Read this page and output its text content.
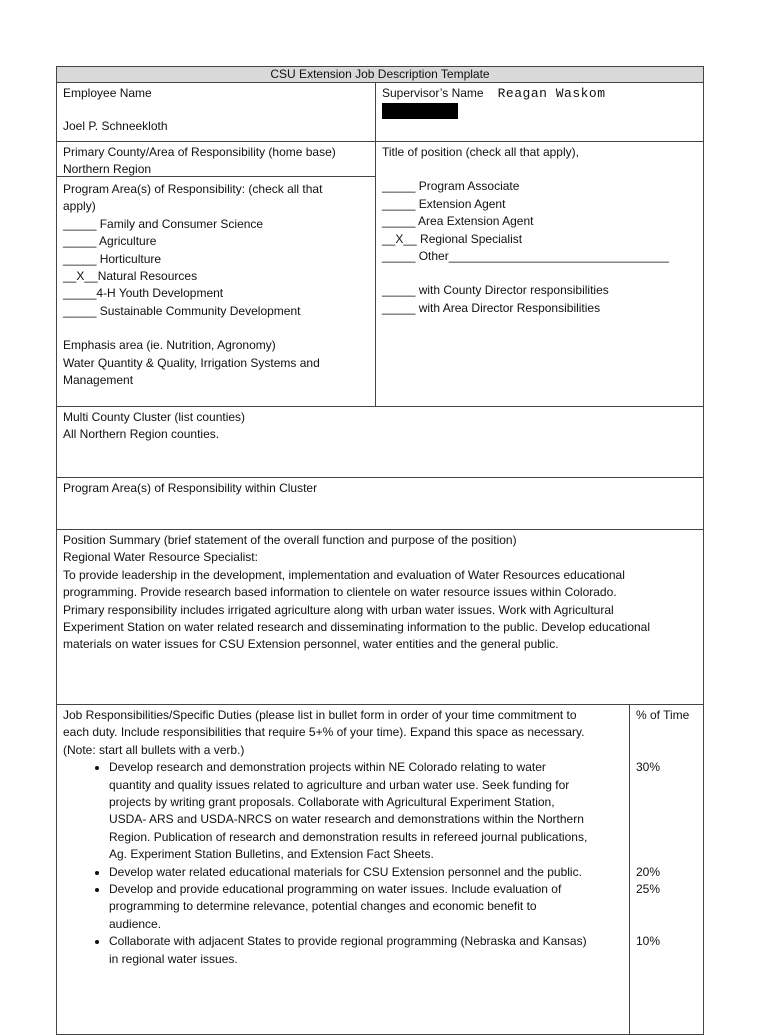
CSU Extension Job Description Template
Employee Name
Joel P. Schneekloth
Supervisor’s Name Reagan Waskom
Primary County/Area of Responsibility (home base)
Northern Region
Title of position (check all that apply),
_____ Program Associate
_____ Extension Agent
_____ Area Extension Agent
__X__ Regional Specialist
_____ Other_________________________________
_____ with County Director responsibilities
_____ with Area Director Responsibilities
Program Area(s) of Responsibility: (check all that
apply)
_____ Family and Consumer Science
_____ Agriculture
_____ Horticulture
__X__Natural Resources
_____4-H Youth Development
_____ Sustainable Community Development
Emphasis area (ie. Nutrition, Agronomy)
Water Quantity & Quality, Irrigation Systems and
Management
Multi County Cluster (list counties)
All Northern Region counties.
Program Area(s) of Responsibility within Cluster
Position Summary (brief statement of the overall function and purpose of the position)
Regional Water Resource Specialist:
To provide leadership in the development, implementation and evaluation of Water Resources educational
programming. Provide research based information to clientele on water resource issues within Colorado.
Primary responsibility includes irrigated agriculture along with urban water issues. Work with Agricultural
Experiment Station on water related research and disseminating information to the public. Develop educational
materials on water issues for CSU Extension personnel, water entities and the general public.
Job Responsibilities/Specific Duties (please list in bullet form in order of your time commitment to
each duty. Include responsibilities that require 5+% of your time). Expand this space as necessary.
(Note: start all bullets with a verb.)
• Develop research and demonstration projects within NE Colorado relating to water
quantity and quality issues related to agriculture and urban water use. Seek funding for
projects by writing grant proposals. Collaborate with Agricultural Experiment Station,
USDA- ARS and USDA-NRCS on water research and demonstrations within the Northern
Region. Publication of research and demonstration results in refereed journal publications,
Ag. Experiment Station Bulletins, and Extension Fact Sheets.
• Develop water related educational materials for CSU Extension personnel and the public.
• Develop and provide educational programming on water issues. Include evaluation of
programming to determine relevance, potential changes and economic benefit to
audience.
• Collaborate with adjacent States to provide regional programming (Nebraska and Kansas)
in regional water issues.
% of Time
30%
20%
25%
10%
